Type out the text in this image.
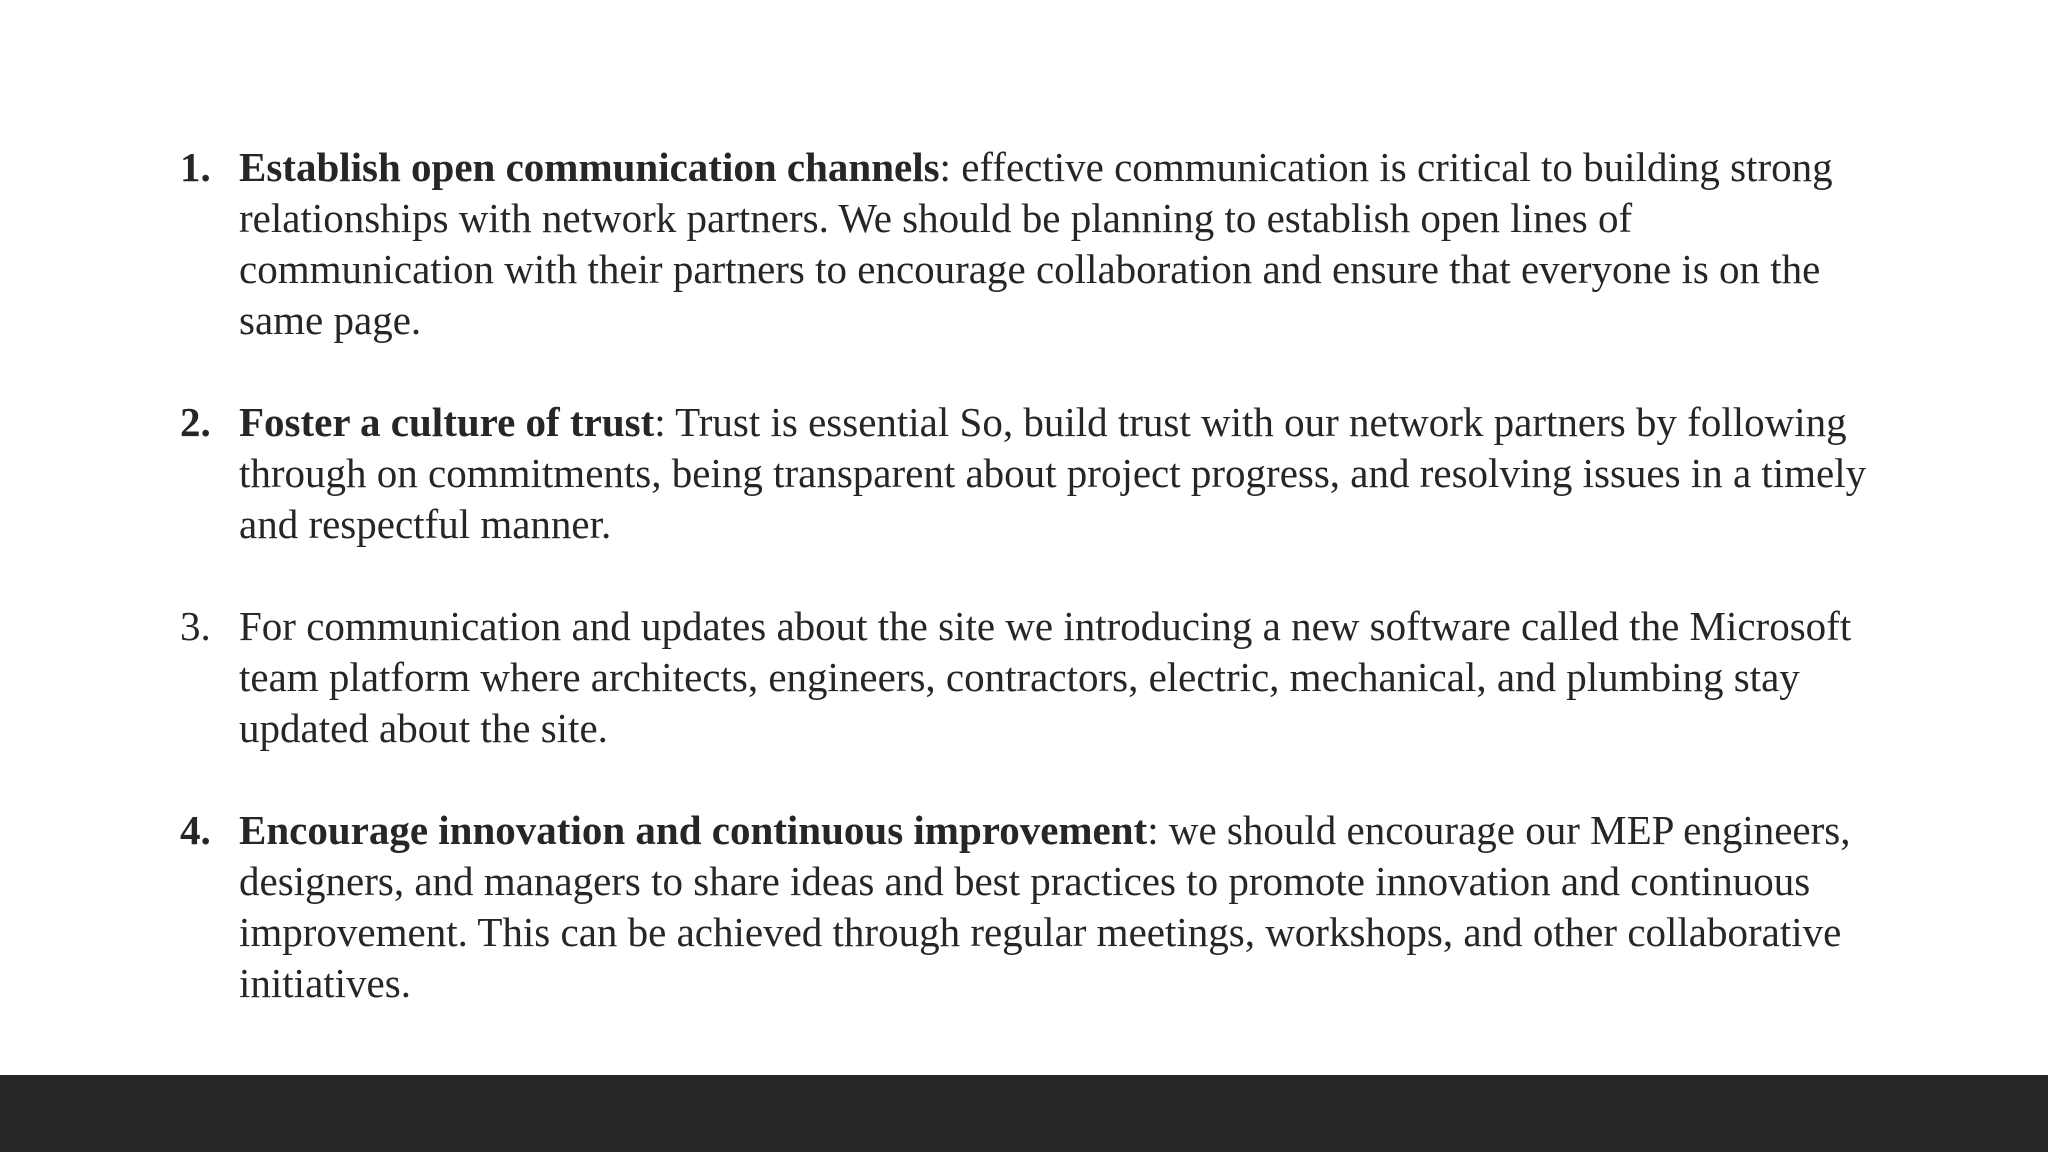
1. Establish open communication channels: effective communication is critical to building strong relationships with network partners. We should be planning to establish open lines of communication with their partners to encourage collaboration and ensure that everyone is on the same page.
2. Foster a culture of trust: Trust is essential So, build trust with our network partners by following through on commitments, being transparent about project progress, and resolving issues in a timely and respectful manner.
3. For communication and updates about the site we introducing a new software called the Microsoft team platform where architects, engineers, contractors, electric, mechanical, and plumbing stay updated about the site.
4. Encourage innovation and continuous improvement: we should encourage our MEP engineers, designers, and managers to share ideas and best practices to promote innovation and continuous improvement. This can be achieved through regular meetings, workshops, and other collaborative initiatives.
